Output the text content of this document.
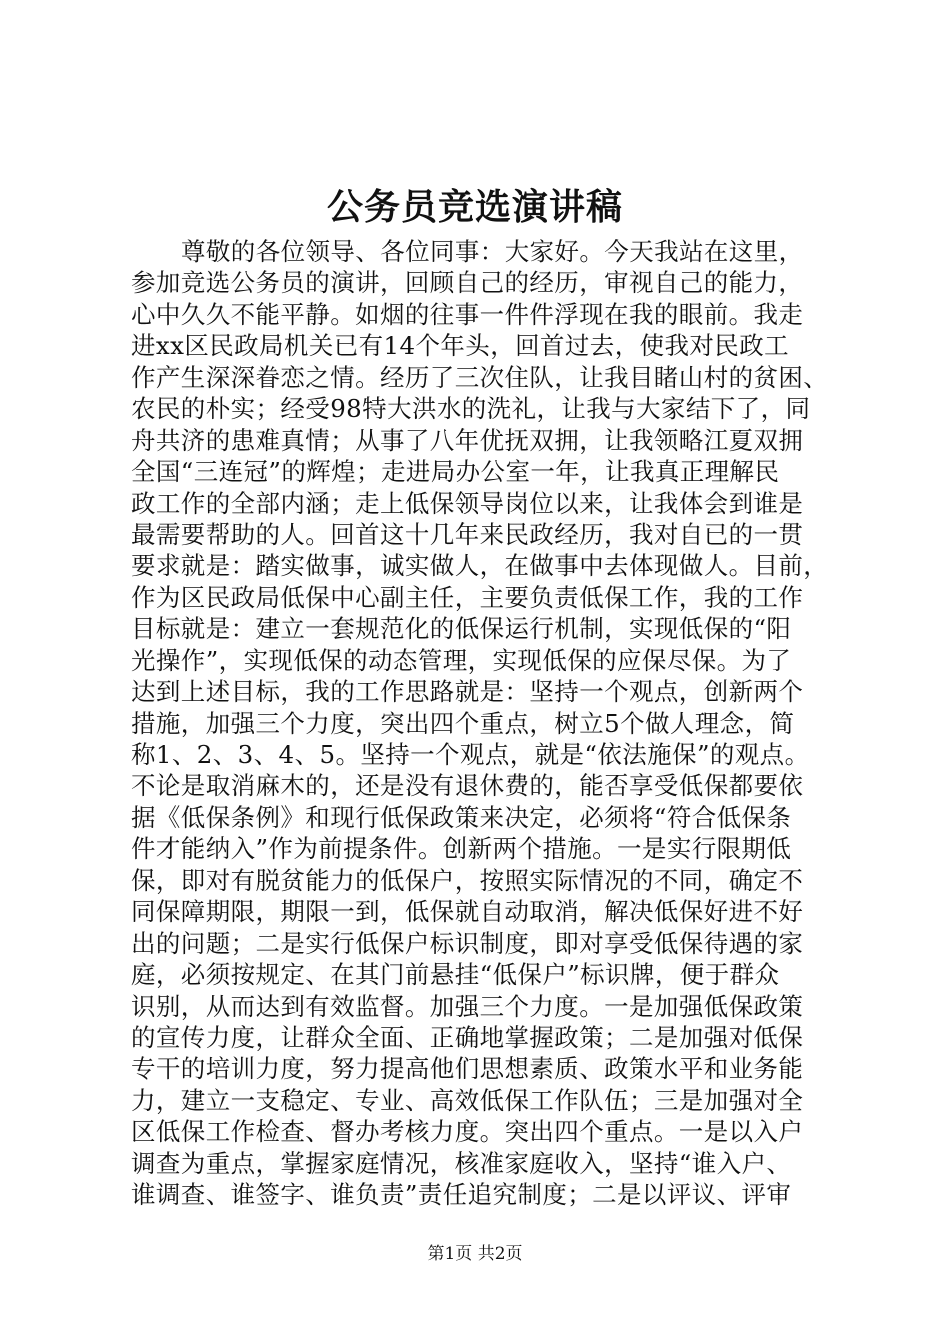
公务员竞选演讲稿
尊敬的各位领导、各位同事：大家好。今天我站在这里，
参加竞选公务员的演讲，回顾自己的经历，审视自己的能力，
心中久久不能平静。如烟的往事一件件浮现在我的眼前。我走
进xx区民政局机关已有14个年头，回首过去，使我对民政工
作产生深深眷恋之情。经历了三次住队，让我目睹山村的贫困、
农民的朴实；经受98特大洪水的洗礼，让我与大家结下了，同
舟共济的患难真情；从事了八年优抚双拥，让我领略江夏双拥
全国“三连冠”的辉煌；走进局办公室一年，让我真正理解民
政工作的全部内涵；走上低保领导岗位以来，让我体会到谁是
最需要帮助的人。回首这十几年来民政经历，我对自已的一贯
要求就是：踏实做事，诚实做人，在做事中去体现做人。目前，
作为区民政局低保中心副主任，主要负责低保工作，我的工作
目标就是：建立一套规范化的低保运行机制，实现低保的“阳
光操作”，实现低保的动态管理，实现低保的应保尽保。为了
达到上述目标，我的工作思路就是：坚持一个观点，创新两个
措施，加强三个力度，突出四个重点，树立5个做人理念，简
称1、2、3、4、5。坚持一个观点，就是“依法施保”的观点。
不论是取消麻木的，还是没有退休费的，能否享受低保都要依
据《低保条例》和现行低保政策来决定，必须将“符合低保条
件才能纳入”作为前提条件。创新两个措施。一是实行限期低
保，即对有脱贫能力的低保户，按照实际情况的不同，确定不
同保障期限，期限一到，低保就自动取消，解决低保好进不好
出的问题；二是实行低保户标识制度，即对享受低保待遇的家
庭，必须按规定、在其门前悬挂“低保户”标识牌，便于群众
识别，从而达到有效监督。加强三个力度。一是加强低保政策
的宣传力度，让群众全面、正确地掌握政策；二是加强对低保
专干的培训力度，努力提高他们思想素质、政策水平和业务能
力，建立一支稳定、专业、高效低保工作队伍；三是加强对全
区低保工作检查、督办考核力度。突出四个重点。一是以入户
调查为重点，掌握家庭情况，核准家庭收入，坚持“谁入户、
谁调查、谁签字、谁负责”责任追究制度；二是以评议、评审
第1页 共2页
